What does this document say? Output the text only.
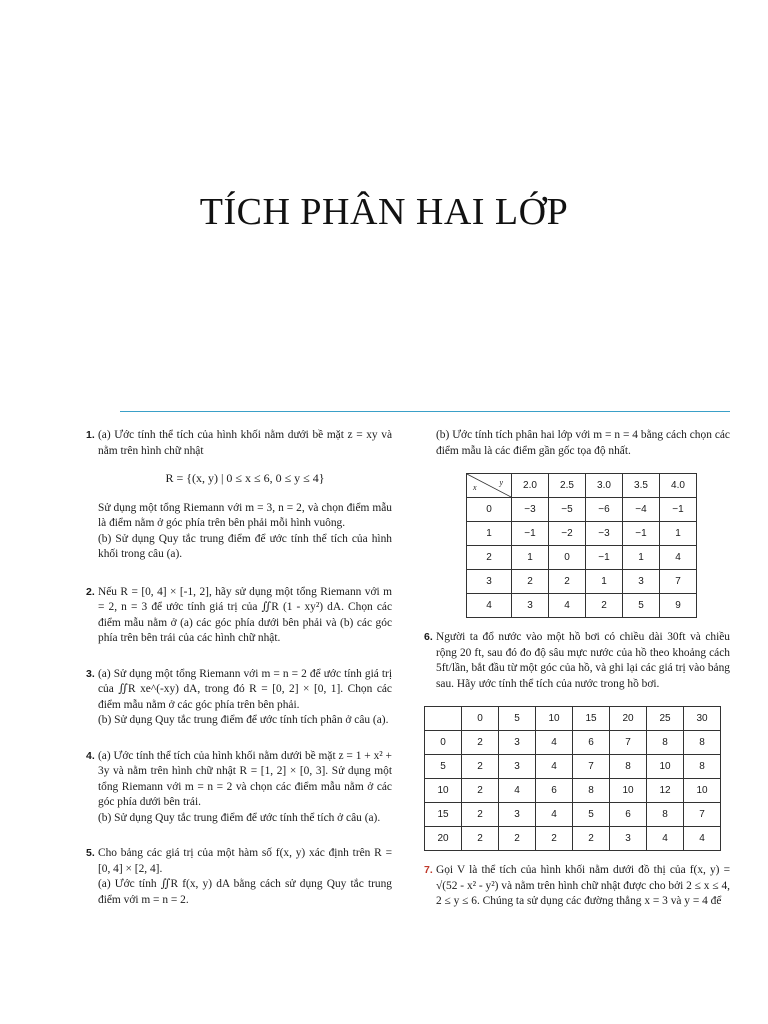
TÍCH PHÂN HAI LỚP
1. (a) Ước tính thể tích của hình khối nằm dưới bề mặt z = xy và nằm trên hình chữ nhật

R = {(x, y) | 0 ≤ x ≤ 6, 0 ≤ y ≤ 4}

Sử dụng một tổng Riemann với m = 3, n = 2, và chọn điểm mẫu là điểm nằm ở góc phía trên bên phải mỗi hình vuông.

(b) Sử dụng Quy tắc trung điểm để ước tính thể tích của hình khối trong câu (a).

2. Nếu R = [0, 4] × [-1, 2], hãy sử dụng một tổng Riemann với m = 2, n = 3 để ước tính giá trị của ∬R (1 - xy²) dA. Chọn các điểm mẫu nằm ở (a) các góc phía dưới bên phải và (b) các góc phía trên bên trái của các hình chữ nhật.

3. (a) Sử dụng một tổng Riemann với m = n = 2 để ước tính giá trị của ∬R xe^(-xy) dA, trong đó R = [0, 2] × [0, 1]. Chọn các điểm mẫu nằm ở các góc phía trên bên phải.

(b) Sử dụng Quy tắc trung điểm để ước tính tích phân ở câu (a).

4. (a) Ước tính thể tích của hình khối nằm dưới bề mặt z = 1 + x² + 3y và nằm trên hình chữ nhật R = [1, 2] × [0, 3]. Sử dụng một tổng Riemann với m = n = 2 và chọn các điểm mẫu nằm ở các góc phía dưới bên trái.

(b) Sử dụng Quy tắc trung điểm để ước tính thể tích ở câu (a).

5. Cho bảng các giá trị của một hàm số f(x, y) xác định trên R = [0, 4] × [2, 4].

(a) Ước tính ∬R f(x, y) dA bằng cách sử dụng Quy tắc trung điểm với m = n = 2.

(b) Ước tính tích phân hai lớp với m = n = 4 bằng cách chọn các điểm mẫu là các điểm gần gốc tọa độ nhất.

x y	2.0	2.5	3.0	3.5	4.0
0	−3	−5	−6	−4	−1
1	−1	−2	−3	−1	1
2	1	0	−1	1	4
3	2	2	1	3	7
4	3	4	2	5	9
6. Người ta đổ nước vào một hồ bơi có chiều dài 30ft và chiều rộng 20 ft, sau đó đo độ sâu mực nước của hồ theo khoảng cách 5ft/lần, bắt đầu từ một góc của hồ, và ghi lại các giá trị vào bảng sau. Hãy ước tính thể tích của nước trong hồ bơi.

	0	5	10	15	20	25	30
0	2	3	4	6	7	8	8
5	2	3	4	7	8	10	8
10	2	4	6	8	10	12	10
15	2	3	4	5	6	8	7
20	2	2	2	2	3	4	4
7. Gọi V là thể tích của hình khối nằm dưới đồ thị của f(x, y) = √(52 - x² - y²) và nằm trên hình chữ nhật được cho bởi 2 ≤ x ≤ 4, 2 ≤ y ≤ 6. Chúng ta sử dụng các đường thẳng x = 3 và y = 4 để
